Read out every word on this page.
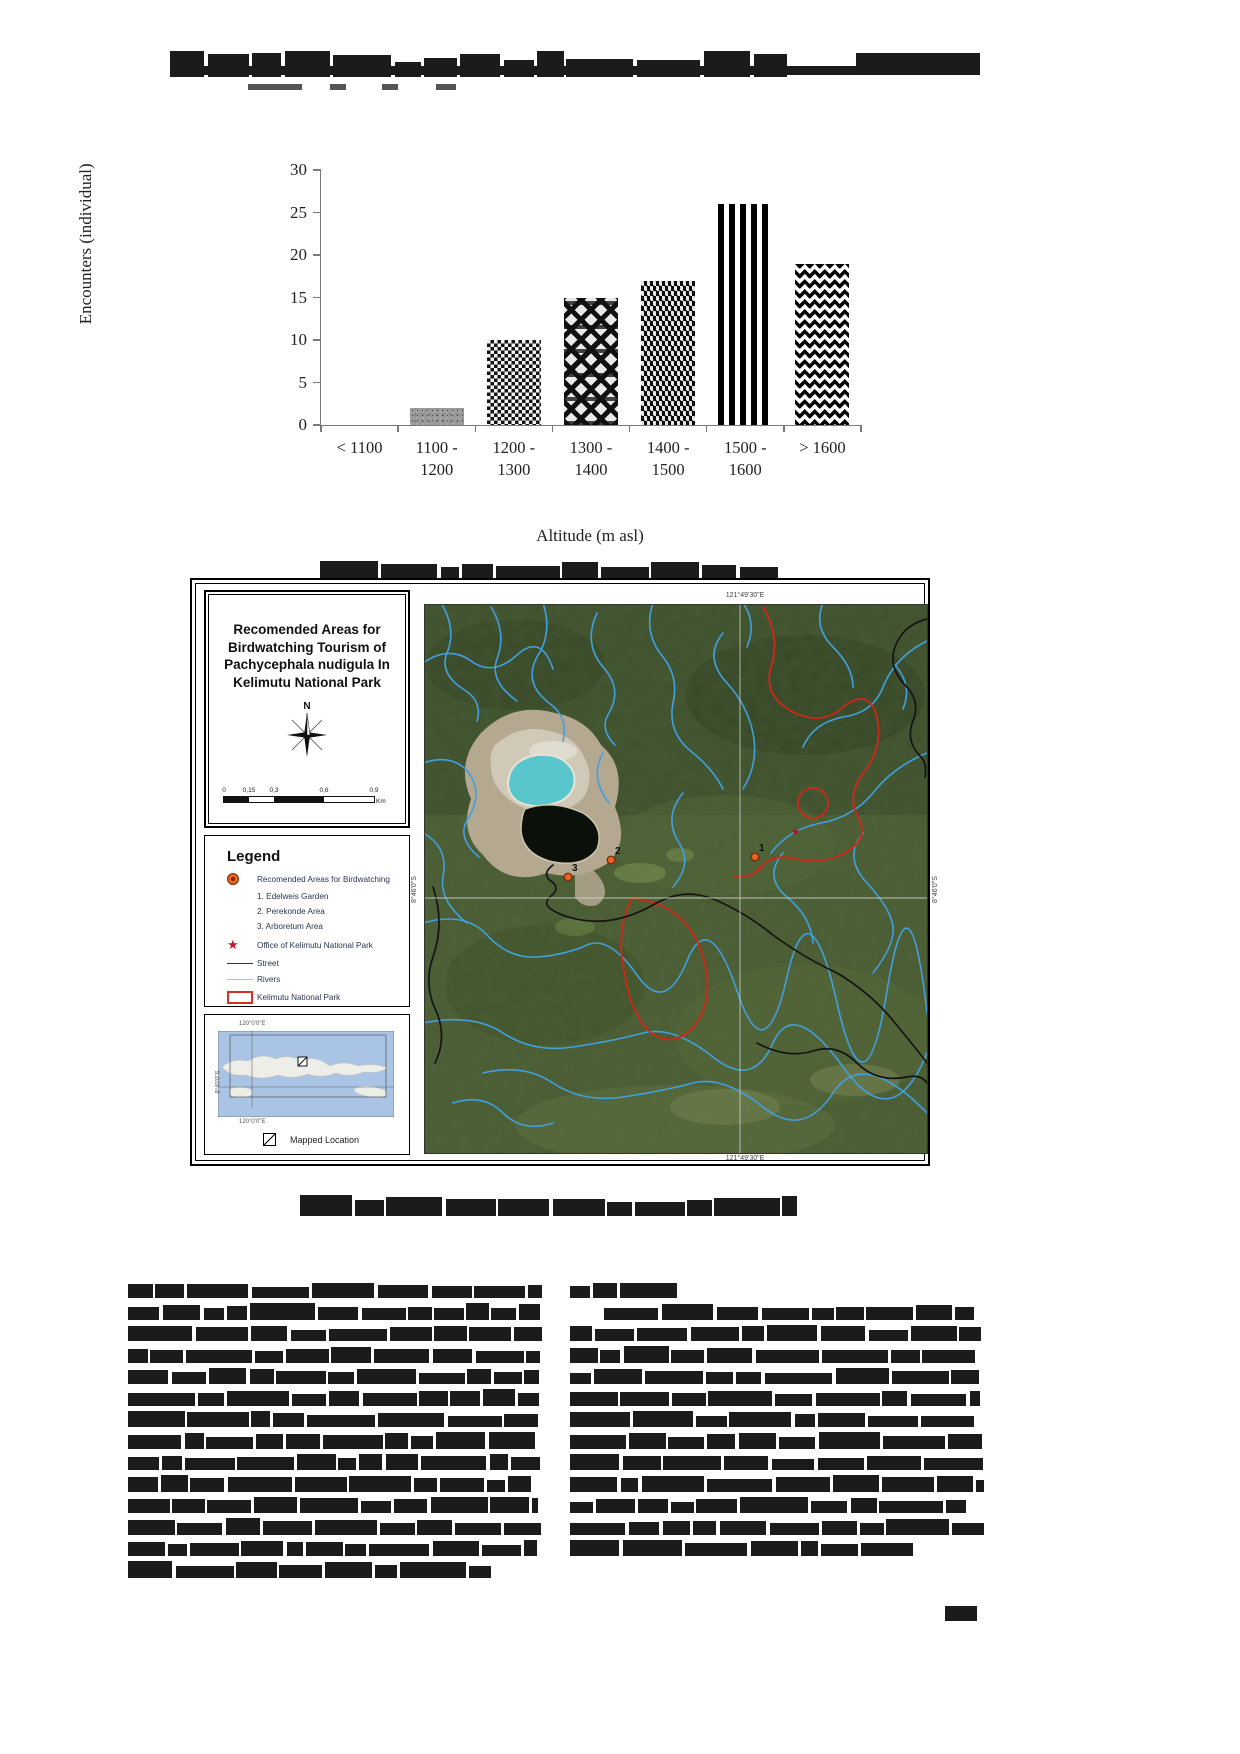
Encounters (individual)
0
5
10
15
20
25
30
< 1100	1100 -
1200
1200 -
1300
1300 -
1400
1400 -
1500
1500 -
1600
> 1600
Altitude (m asl)
Recomended Areas for Birdwatching Tourism of Pachycephala nudigula In Kelimutu National Park
N
0	0,15 0,3	0,6	0,9
Km
Legend
Recomended Areas for Birdwatching
1. Edelweis Garden
2. Perekonde Area
3. Arboretum Area
★ Office of Kelimutu National Park
Street
Rivers
Kelimutu National Park
120°0'0"E
8°40'0"S
120°0'0"E
Mapped Location
121°49'30"E
121°49'30"E
8°46'0"S	8°46'0"S
★
1
2
3
